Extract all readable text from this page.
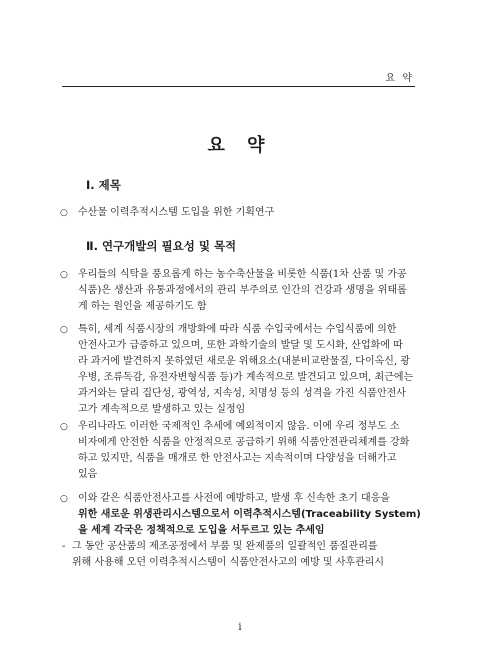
요 약
요 약
Ⅰ. 제목
○	수산물 이력추적시스템 도입을 위한 기획연구
Ⅱ. 연구개발의 필요성 및 목적
○	우리들의 식탁을 풍요롭게 하는 농수축산물을 비롯한 식품(1차 산품 및 가공
식품)은 생산과 유통과정에서의 관리 부주의로 인간의 건강과 생명을 위태롭
게 하는 원인을 제공하기도 함
○	특히, 세계 식품시장의 개방화에 따라 식품 수입국에서는 수입식품에 의한
안전사고가 급증하고 있으며, 또한 과학기술의 발달 및 도시화, 산업화에 따
라 과거에 발견하지 못하였던 새로운 위해요소(내분비교란물질, 다이옥신, 광
우병, 조류독감, 유전자변형식품 등)가 계속적으로 발견되고 있으며, 최근에는
과거와는 달리 집단성, 광역성, 지속성, 치명성 등의 성격을 가진 식품안전사
고가 계속적으로 발생하고 있는 실정임
○	우리나라도 이러한 국제적인 추세에 예외적이지 않음. 이에 우리 정부도 소
비자에게 안전한 식품을 안정적으로 공급하기 위해 식품안전관리체계를 강화
하고 있지만, 식품을 매개로 한 안전사고는 지속적이며 다양성을 더해가고
있음
○	이와 같은 식품안전사고를 사전에 예방하고, 발생 후 신속한 초기 대응을
위한 새로운 위생관리시스템으로서 이력추적시스템(Traceability System)
을 세계 각국은 정책적으로 도입을 서두르고 있는 추세임
- 그 동안 공산품의 제조공정에서 부품 및 완제품의 일괄적인 품질관리를
위해 사용해 오던 이력추적시스템이 식품안전사고의 예방 및 사후관리시
i
